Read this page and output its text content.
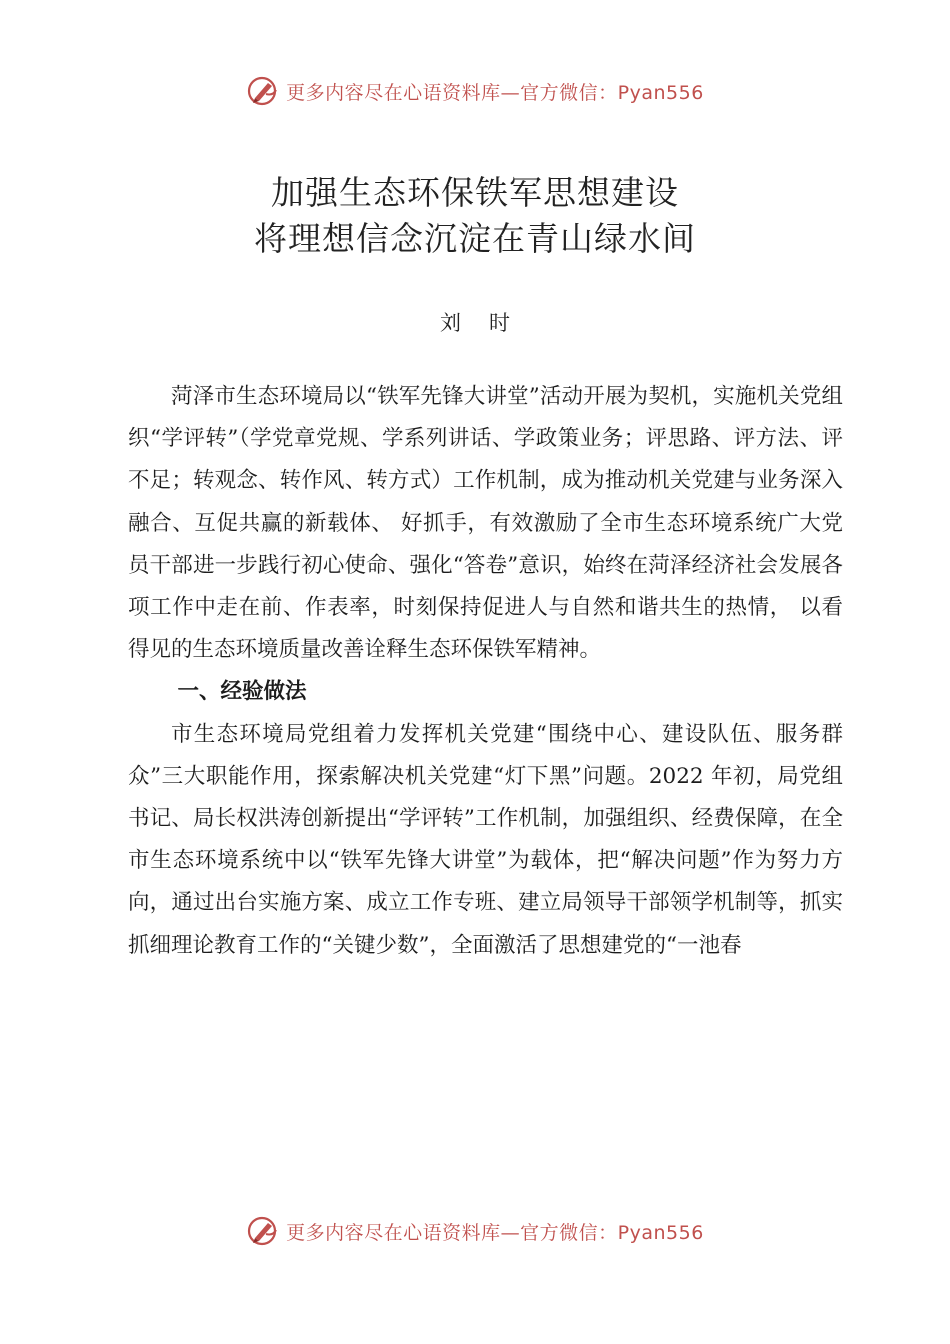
更多内容尽在心语资料库—官方微信：Pyan556
加强生态环保铁军思想建设
将理想信念沉淀在青山绿水间
刘时

菏泽市生态环境局以“铁军先锋大讲堂”活动开展为契机，实施机关党组织“学评转”（学党章党规、学系列讲话、学政策业务；评思路、评方法、评不足；转观念、转作风、转方式）工作机制，成为推动机关党建与业务深入融合、互促共赢的新载体、 好抓手，有效激励了全市生态环境系统广大党员干部进一步践行初心使命、强化“答卷”意识，始终在菏泽经济社会发展各项工作中走在前、作表率，时刻保持促进人与自然和谐共生的热情， 以看得见的生态环境质量改善诠释生态环保铁军精神。

一、经验做法

市生态环境局党组着力发挥机关党建“围绕中心、建设队伍、服务群众”三大职能作用，探索解决机关党建“灯下黑”问题。2022 年初，局党组书记、局长权洪涛创新提出“学评转”工作机制，加强组织、经费保障，在全市生态环境系统中以“铁军先锋大讲堂”为载体，把“解决问题”作为努力方向，通过出台实施方案、成立工作专班、建立局领导干部领学机制等，抓实抓细理论教育工作的“关键少数”，全面激活了思想建党的“一池春

更多内容尽在心语资料库—官方微信：Pyan556
